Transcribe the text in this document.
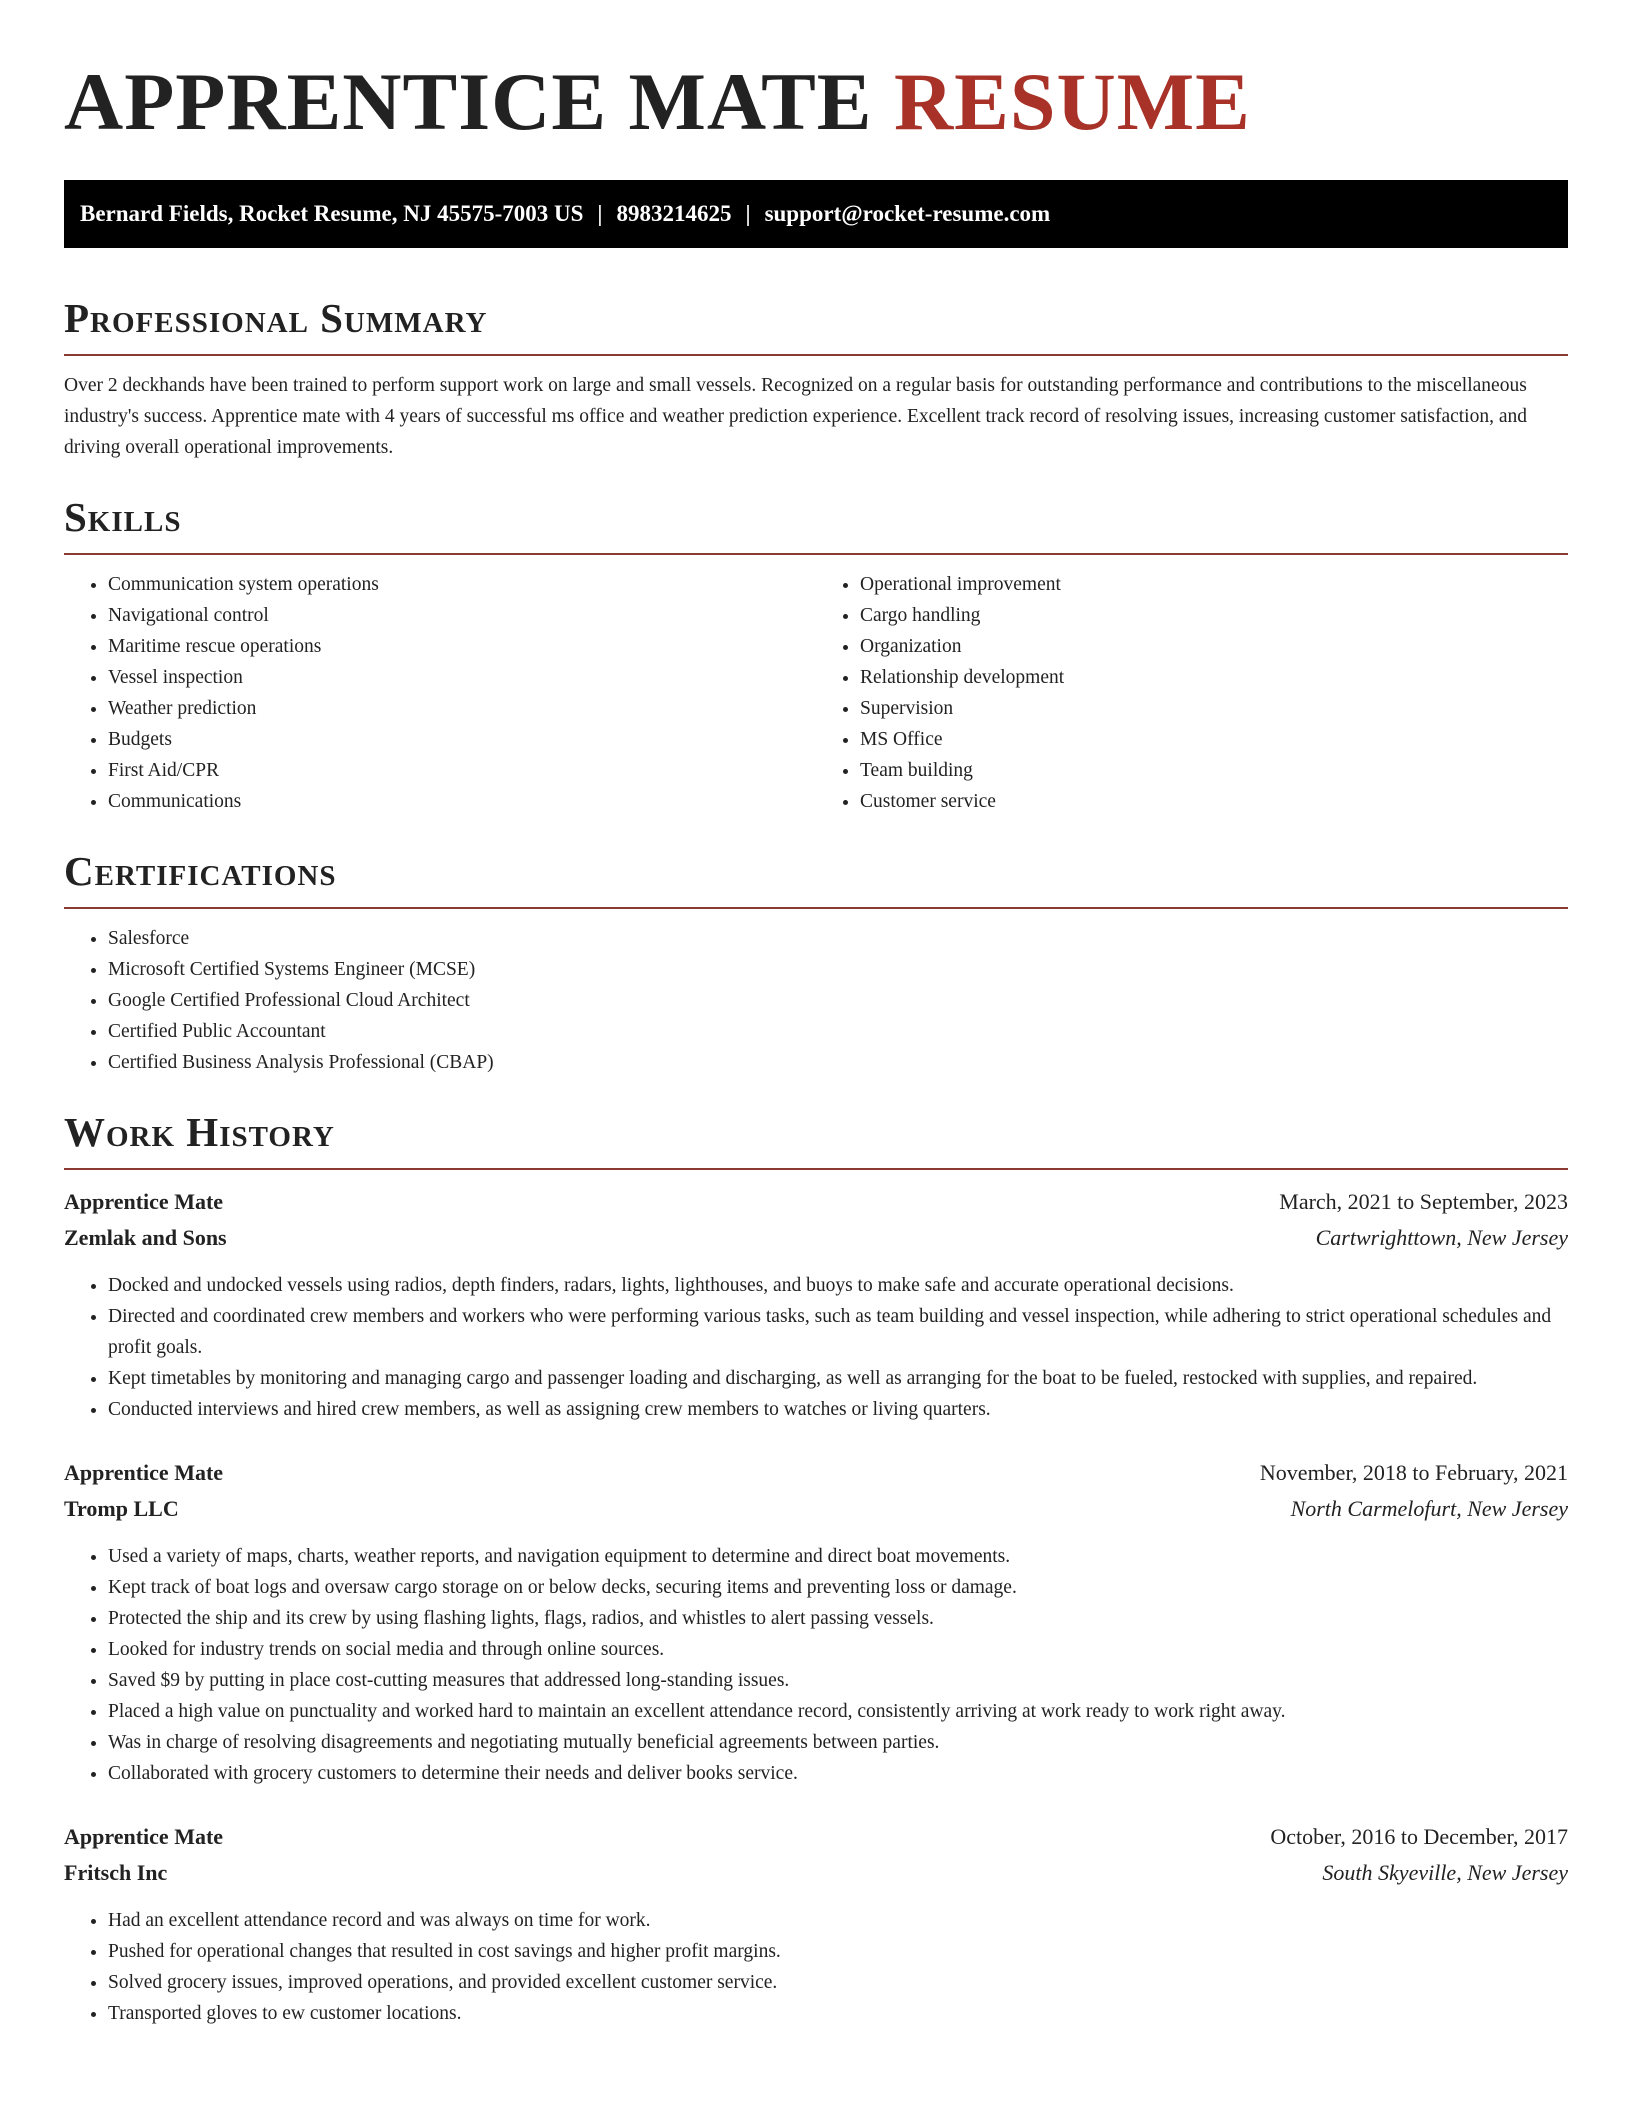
APPRENTICE MATE RESUME
Bernard Fields, Rocket Resume, NJ 45575-7003 US | 8983214625 | support@rocket-resume.com
Professional Summary

Over 2 deckhands have been trained to perform support work on large and small vessels. Recognized on a regular basis for outstanding performance and contributions to the miscellaneous industry's success. Apprentice mate with 4 years of successful ms office and weather prediction experience. Excellent track record of resolving issues, increasing customer satisfaction, and driving overall operational improvements.

Skills
• Communication system operations
• Navigational control
• Maritime rescue operations
• Vessel inspection
• Weather prediction
• Budgets
• First Aid/CPR
• Communications
• Operational improvement
• Cargo handling
• Organization
• Relationship development
• Supervision
• MS Office
• Team building
• Customer service
Certifications
• Salesforce
• Microsoft Certified Systems Engineer (MCSE)
• Google Certified Professional Cloud Architect
• Certified Public Accountant
• Certified Business Analysis Professional (CBAP)
Work History
Apprentice Mate	March, 2021 to September, 2023
Zemlak and Sons	Cartwrighttown, New Jersey
• Docked and undocked vessels using radios, depth finders, radars, lights, lighthouses, and buoys to make safe and accurate operational decisions.
• Directed and coordinated crew members and workers who were performing various tasks, such as team building and vessel inspection, while adhering to strict operational schedules and profit goals.
• Kept timetables by monitoring and managing cargo and passenger loading and discharging, as well as arranging for the boat to be fueled, restocked with supplies, and repaired.
• Conducted interviews and hired crew members, as well as assigning crew members to watches or living quarters.
Apprentice Mate	November, 2018 to February, 2021
Tromp LLC	North Carmelofurt, New Jersey
• Used a variety of maps, charts, weather reports, and navigation equipment to determine and direct boat movements.
• Kept track of boat logs and oversaw cargo storage on or below decks, securing items and preventing loss or damage.
• Protected the ship and its crew by using flashing lights, flags, radios, and whistles to alert passing vessels.
• Looked for industry trends on social media and through online sources.
• Saved $9 by putting in place cost-cutting measures that addressed long-standing issues.
• Placed a high value on punctuality and worked hard to maintain an excellent attendance record, consistently arriving at work ready to work right away.
• Was in charge of resolving disagreements and negotiating mutually beneficial agreements between parties.
• Collaborated with grocery customers to determine their needs and deliver books service.
Apprentice Mate	October, 2016 to December, 2017
Fritsch Inc	South Skyeville, New Jersey
• Had an excellent attendance record and was always on time for work.
• Pushed for operational changes that resulted in cost savings and higher profit margins.
• Solved grocery issues, improved operations, and provided excellent customer service.
• Transported gloves to ew customer locations.
